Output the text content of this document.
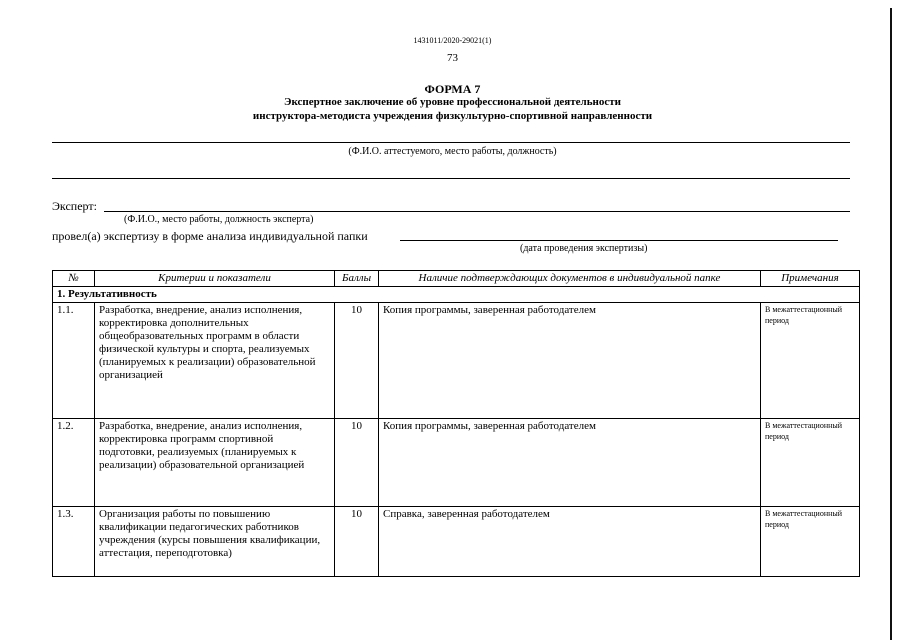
1431011/2020-29021(1)
73
ФОРМА 7
Экспертное заключение об уровне профессиональной деятельности
инструктора-методиста учреждения физкультурно-спортивной направленности
(Ф.И.О. аттестуемого, место работы, должность)
Эксперт:
(Ф.И.О., место работы, должность эксперта)
провел(а) экспертизу в форме анализа индивидуальной папки
(дата проведения экспертизы)
№	Критерии и показатели	Баллы	Наличие подтверждающих документов в индивидуальной папке	Примечания
1. Результативность				
1.1.	Разработка, внедрение, анализ исполнения, корректировка дополнительных общеобразовательных программ в области физической культуры и спорта, реализуемых (планируемых к реализации) образовательной организацией	10	Копия программы, заверенная работодателем	В межаттестационный период
1.2.	Разработка, внедрение, анализ исполнения, корректировка программ спортивной подготовки, реализуемых (планируемых к реализации) образовательной организацией	10	Копия программы, заверенная работодателем	В межаттестационный период
1.3.	Организация работы по повышению квалификации педагогических работников учреждения (курсы повышения квалификации, аттестация, переподготовка)	10	Справка, заверенная работодателем	В межаттестационный период
